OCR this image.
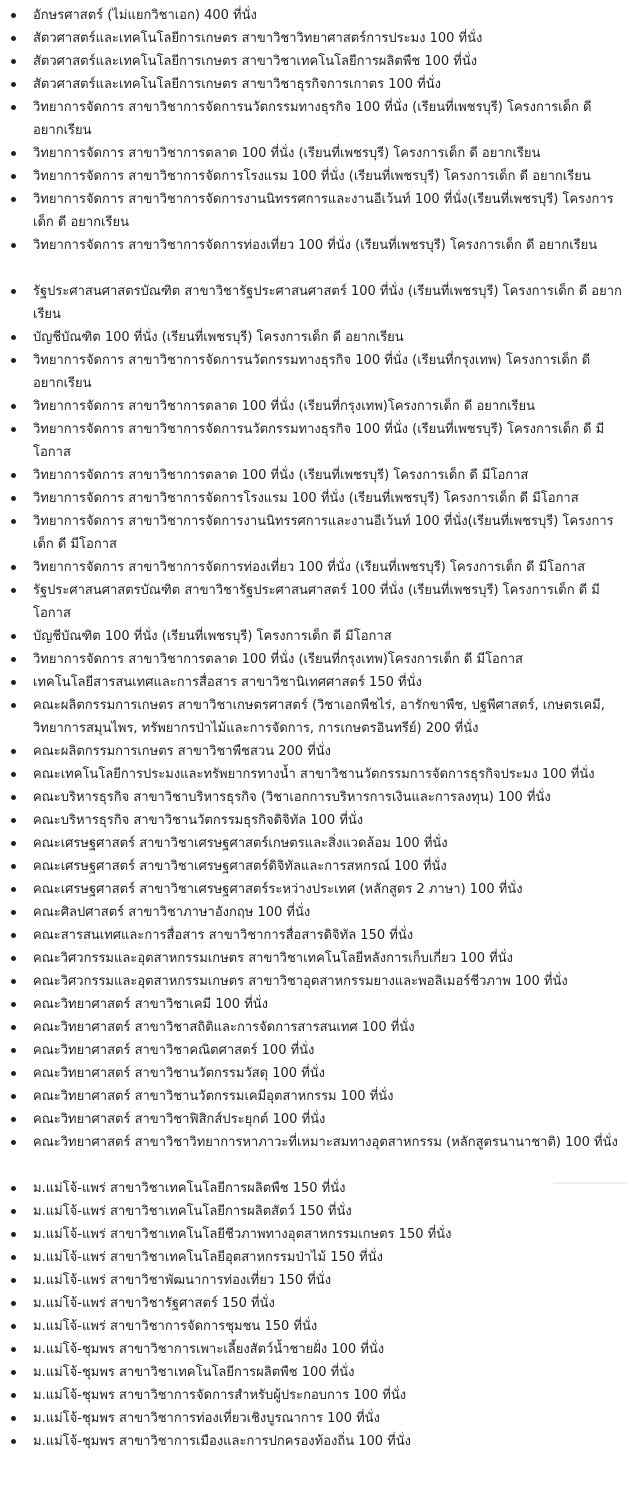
อักษรศาสตร์ (ไม่แยกวิชาเอก) 400 ที่นั่ง
สัตวศาสตร์และเทคโนโลยีการเกษตร สาขาวิชาวิทยาศาสตร์การประมง 100 ที่นั่ง
สัตวศาสตร์และเทคโนโลยีการเกษตร สาขาวิชาเทคโนโลยีการผลิตพืช 100 ที่นั่ง
สัตวศาสตร์และเทคโนโลยีการเกษตร สาขาวิชาธุรกิจการเกาตร 100 ที่นั่ง
วิทยาการจัดการ สาขาวิชาการจัดการนวัตกรรมทางธุรกิจ 100 ที่นั่ง (เรียนที่เพชรบุรี) โครงการเด็ก ดี อยากเรียน
วิทยาการจัดการ สาขาวิชาการตลาด 100 ที่นั่ง (เรียนที่เพชรบุรี) โครงการเด็ก ดี อยากเรียน
วิทยาการจัดการ สาขาวิชาการจัดการโรงแรม 100 ที่นั่ง (เรียนที่เพชรบุรี) โครงการเด็ก ดี อยากเรียน
วิทยาการจัดการ สาขาวิชาการจัดการงานนิทรรศการและงานอีเว้นท์ 100 ที่นั่ง(เรียนที่เพชรบุรี) โครงการเด็ก ดี อยากเรียน
วิทยาการจัดการ สาขาวิชาการจัดการท่องเที่ยว 100 ที่นั่ง (เรียนที่เพชรบุรี) โครงการเด็ก ดี อยากเรียน
รัฐประศาสนศาสตรบัณฑิต สาขาวิชารัฐประศาสนศาสตร์ 100 ที่นั่ง (เรียนที่เพชรบุรี) โครงการเด็ก ดี อยากเรียน
บัญชีบัณฑิต 100 ที่นั่ง (เรียนที่เพชรบุรี) โครงการเด็ก ดี อยากเรียน
วิทยาการจัดการ สาขาวิชาการจัดการนวัตกรรมทางธุรกิจ 100 ที่นั่ง (เรียนที่กรุงเทพ) โครงการเด็ก ดี อยากเรียน
วิทยาการจัดการ สาขาวิชาการตลาด 100 ที่นั่ง (เรียนที่กรุงเทพ)โครงการเด็ก ดี อยากเรียน
วิทยาการจัดการ สาขาวิชาการจัดการนวัตกรรมทางธุรกิจ 100 ที่นั่ง (เรียนที่เพชรบุรี) โครงการเด็ก ดี มีโอกาส
วิทยาการจัดการ สาขาวิชาการตลาด 100 ที่นั่ง (เรียนที่เพชรบุรี) โครงการเด็ก ดี มีโอกาส
วิทยาการจัดการ สาขาวิชาการจัดการโรงแรม 100 ที่นั่ง (เรียนที่เพชรบุรี) โครงการเด็ก ดี มีโอกาส
วิทยาการจัดการ สาขาวิชาการจัดการงานนิทรรศการและงานอีเว้นท์ 100 ที่นั่ง(เรียนที่เพชรบุรี) โครงการเด็ก ดี มีโอกาส
วิทยาการจัดการ สาขาวิชาการจัดการท่องเที่ยว 100 ที่นั่ง (เรียนที่เพชรบุรี) โครงการเด็ก ดี มีโอกาส
รัฐประศาสนศาสตรบัณฑิต สาขาวิชารัฐประศาสนศาสตร์ 100 ที่นั่ง (เรียนที่เพชรบุรี) โครงการเด็ก ดี มีโอกาส
บัญชีบัณฑิต 100 ที่นั่ง (เรียนที่เพชรบุรี) โครงการเด็ก ดี มีโอกาส
วิทยาการจัดการ สาขาวิชาการตลาด 100 ที่นั่ง (เรียนที่กรุงเทพ)โครงการเด็ก ดี มีโอกาส
เทคโนโลยีสารสนเทศและการสื่อสาร สาขาวิชานิเทศศาสตร์ 150 ที่นั่ง
คณะผลิตกรรมการเกษตร สาขาวิชาเกษตรศาสตร์ (วิชาเอกพืชไร่, อารักขาพืช, ปฐพีศาสตร์, เกษตรเคมี, วิทยาการสมุนไพร, ทรัพยากรป่าไม้และการจัดการ, การเกษตรอินทรีย์) 200 ที่นั่ง
คณะผลิตกรรมการเกษตร สาขาวิชาพืชสวน 200 ที่นั่ง
คณะเทคโนโลยีการประมงและทรัพยากรทางน้ำ สาขาวิชานวัตกรรมการจัดการธุรกิจประมง 100 ที่นั่ง
คณะบริหารธุรกิจ สาขาวิชาบริหารธุรกิจ (วิชาเอกการบริหารการเงินและการลงทุน) 100 ที่นั่ง
คณะบริหารธุรกิจ สาขาวิชานวัตกรรมธุรกิจดิจิทัล 100 ที่นั่ง
คณะเศรษฐศาสตร์ สาขาวิชาเศรษฐศาสตร์เกษตรและสิ่งแวดล้อม 100 ที่นั่ง
คณะเศรษฐศาสตร์ สาขาวิชาเศรษฐศาสตร์ดิจิทัลและการสหกรณ์ 100 ที่นั่ง
คณะเศรษฐศาสตร์ สาขาวิชาเศรษฐศาสตร์ระหว่างประเทศ (หลักสูตร 2 ภาษา) 100 ที่นั่ง
คณะศิลปศาสตร์ สาขาวิชาภาษาอังกฤษ 100 ที่นั่ง
คณะสารสนเทศและการสื่อสาร สาขาวิชาการสื่อสารดิจิทัล 150 ที่นั่ง
คณะวิศวกรรมและอุตสาหกรรมเกษตร สาขาวิชาเทคโนโลยีหลังการเก็บเกี่ยว 100 ที่นั่ง
คณะวิศวกรรมและอุตสาหกรรมเกษตร สาขาวิชาอุตสาหกรรมยางและพอลิเมอร์ชีวภาพ 100 ที่นั่ง
คณะวิทยาศาสตร์ สาขาวิชาเคมี 100 ที่นั่ง
คณะวิทยาศาสตร์ สาขาวิชาสถิติและการจัดการสารสนเทศ 100 ที่นั่ง
คณะวิทยาศาสตร์ สาขาวิชาคณิตศาสตร์ 100 ที่นั่ง
คณะวิทยาศาสตร์ สาขาวิชานวัตกรรมวัสดุ 100 ที่นั่ง
คณะวิทยาศาสตร์ สาขาวิชานวัตกรรมเคมีอุตสาหกรรม 100 ที่นั่ง
คณะวิทยาศาสตร์ สาขาวิชาฟิสิกส์ประยุกต์ 100 ที่นั่ง
คณะวิทยาศาสตร์ สาขาวิชาวิทยาการหาภาวะที่เหมาะสมทางอุตสาหกรรม (หลักสูตรนานาชาติ) 100 ที่นั่ง
ม.แม่โจ้-แพร่ สาขาวิชาเทคโนโลยีการผลิตพืช 150 ที่นั่ง
ม.แม่โจ้-แพร่ สาขาวิชาเทคโนโลยีการผลิตสัตว์ 150 ที่นั่ง
ม.แม่โจ้-แพร่ สาขาวิชาเทคโนโลยีชีวภาพทางอุตสาหกรรมเกษตร 150 ที่นั่ง
ม.แม่โจ้-แพร่ สาขาวิชาเทคโนโลยีอุตสาหกรรมป่าไม้ 150 ที่นั่ง
ม.แม่โจ้-แพร่ สาขาวิชาพัฒนาการท่องเที่ยว 150 ที่นั่ง
ม.แม่โจ้-แพร่ สาขาวิชารัฐศาสตร์ 150 ที่นั่ง
ม.แม่โจ้-แพร่ สาขาวิชาการจัดการชุมชน 150 ที่นั่ง
ม.แม่โจ้-ชุมพร สาขาวิชาการเพาะเลี้ยงสัตว์น้ำชายฝั่ง 100 ที่นั่ง
ม.แม่โจ้-ชุมพร สาขาวิชาเทคโนโลยีการผลิตพืช 100 ที่นั่ง
ม.แม่โจ้-ชุมพร สาขาวิชาการจัดการสำหรับผู้ประกอบการ 100 ที่นั่ง
ม.แม่โจ้-ชุมพร สาขาวิชาการท่องเที่ยวเชิงบูรณาการ 100 ที่นั่ง
ม.แม่โจ้-ชุมพร สาขาวิชาการเมืองและการปกครองท้องถิ่น 100 ที่นั่ง
